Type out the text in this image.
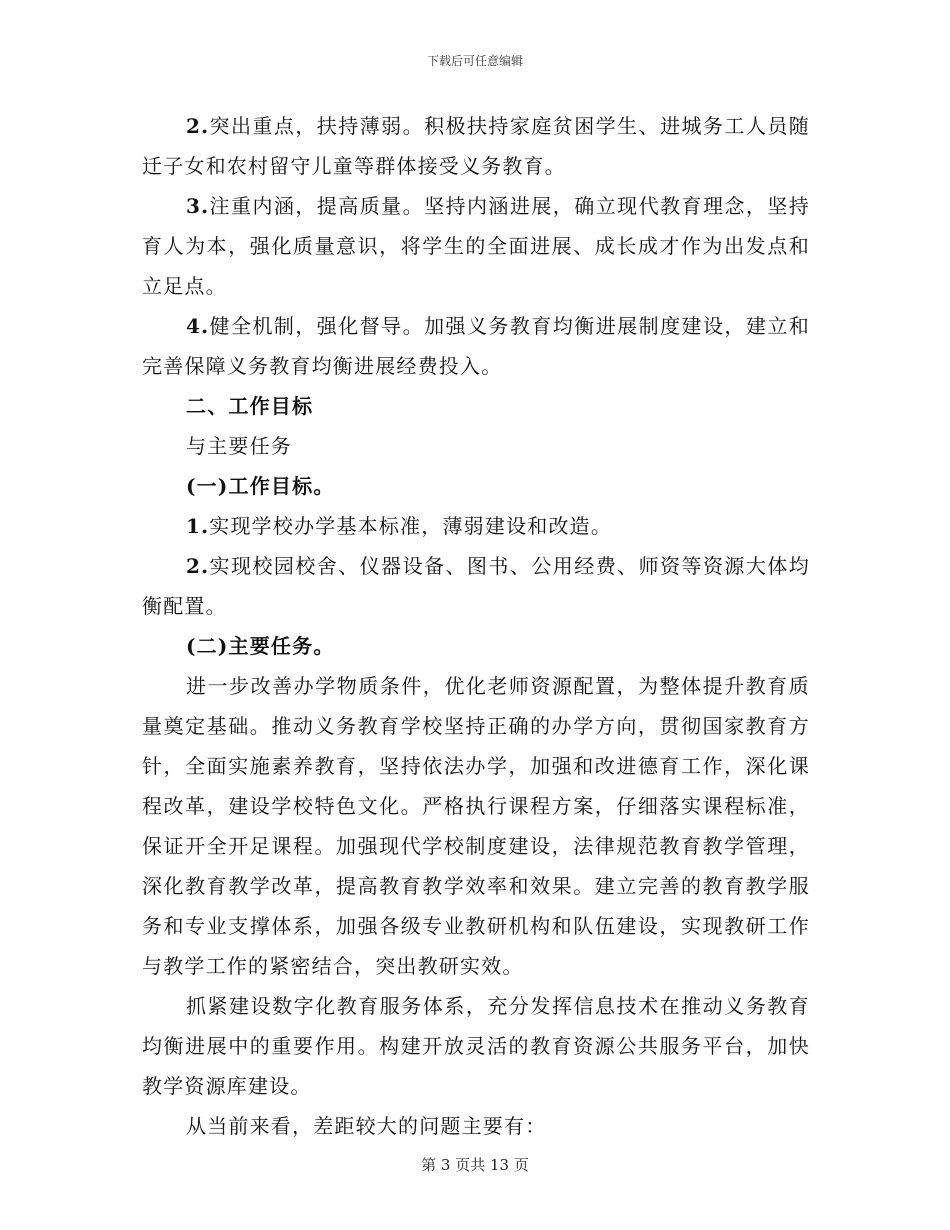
下载后可任意编辑

2.突出重点，扶持薄弱。积极扶持家庭贫困学生、进城务工人员随迁子女和农村留守儿童等群体接受义务教育。

3.注重内涵，提高质量。坚持内涵进展，确立现代教育理念，坚持育人为本，强化质量意识，将学生的全面进展、成长成才作为出发点和立足点。

4.健全机制，强化督导。加强义务教育均衡进展制度建设，建立和完善保障义务教育均衡进展经费投入。

二、工作目标

与主要任务

(一)工作目标。

1.实现学校办学基本标准，薄弱建设和改造。

2.实现校园校舍、仪器设备、图书、公用经费、师资等资源大体均衡配置。

(二)主要任务。

进一步改善办学物质条件，优化老师资源配置，为整体提升教育质量奠定基础。推动义务教育学校坚持正确的办学方向，贯彻国家教育方针，全面实施素养教育，坚持依法办学，加强和改进德育工作，深化课程改革，建设学校特色文化。严格执行课程方案，仔细落实课程标准，保证开全开足课程。加强现代学校制度建设，法律规范教育教学管理，深化教育教学改革，提高教育教学效率和效果。建立完善的教育教学服务和专业支撑体系，加强各级专业教研机构和队伍建设，实现教研工作与教学工作的紧密结合，突出教研实效。

抓紧建设数字化教育服务体系，充分发挥信息技术在推动义务教育均衡进展中的重要作用。构建开放灵活的教育资源公共服务平台，加快教学资源库建设。

从当前来看，差距较大的问题主要有：

第 3 页共 13 页
